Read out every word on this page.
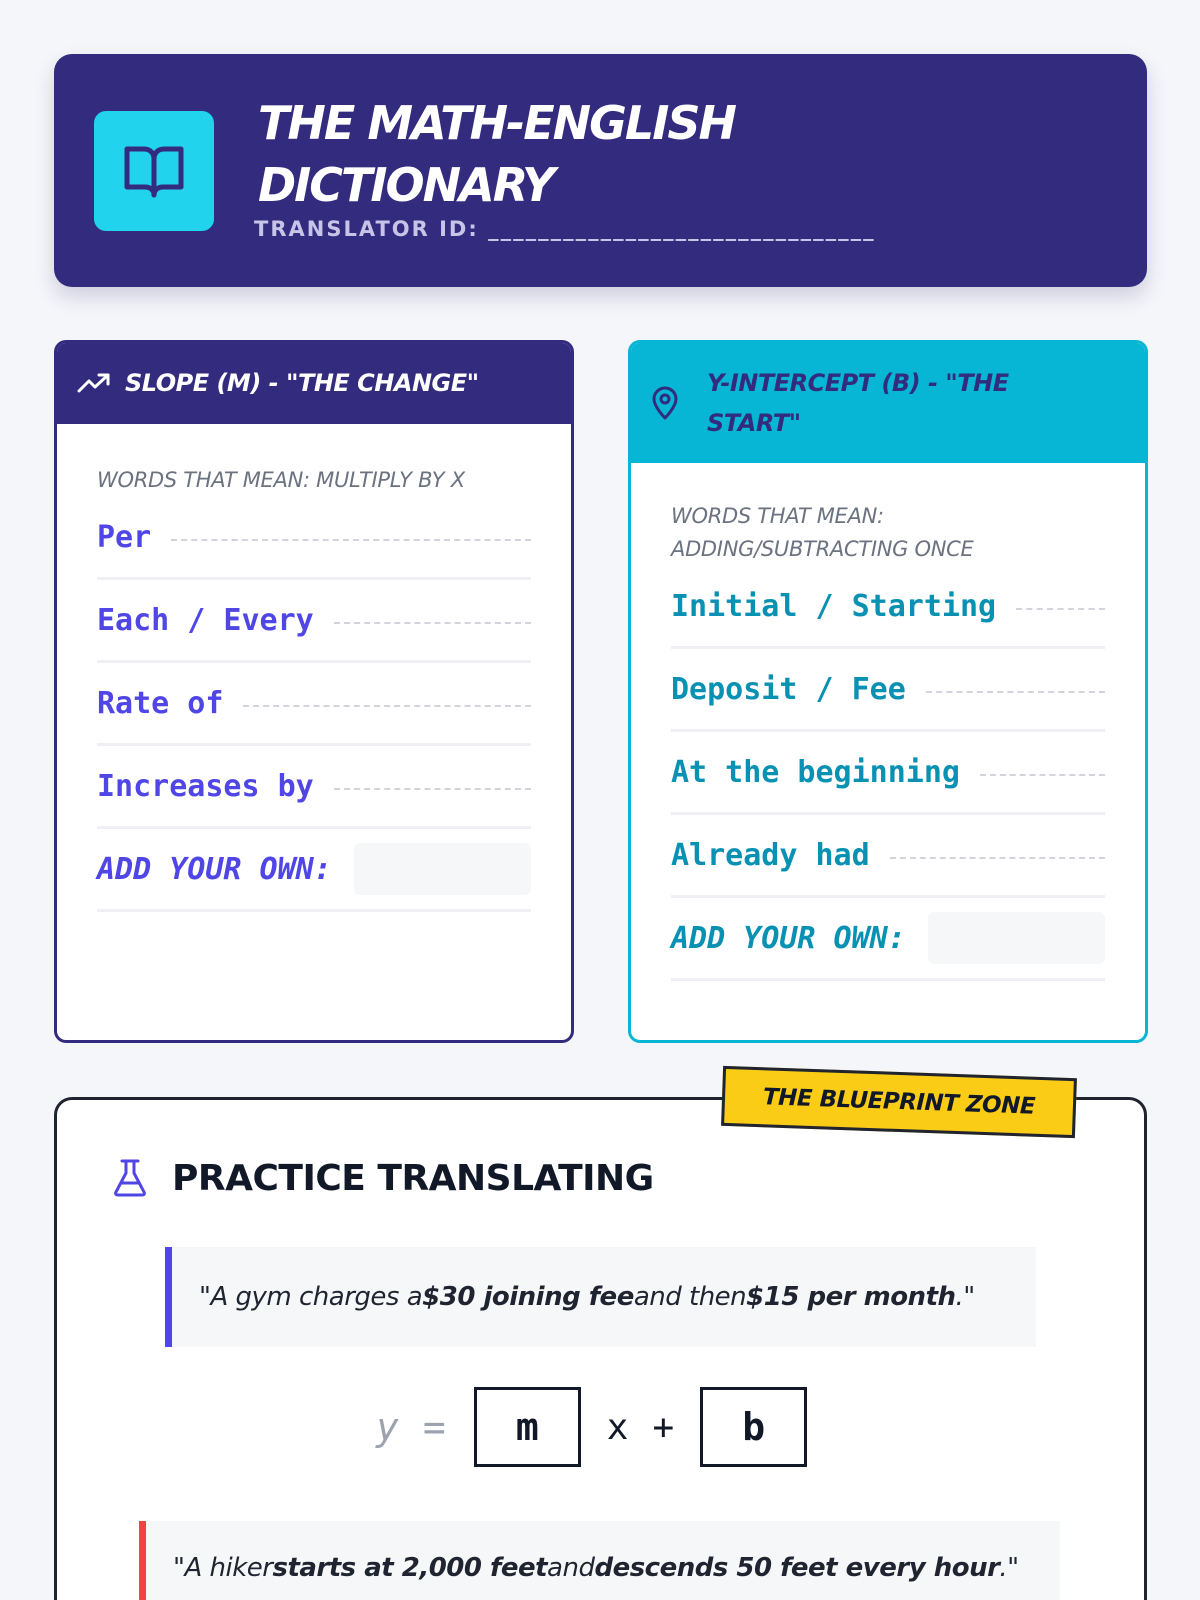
THE MATH-ENGLISH
DICTIONARY
TRANSLATOR ID: _______________________________
SLOPE (M) - "THE CHANGE"
WORDS THAT MEAN: MULTIPLY BY X
Per
Each / Every
Rate of
Increases by
ADD YOUR OWN:
Y-INTERCEPT (B) - "THE
START"
WORDS THAT MEAN:
ADDING/SUBTRACTING ONCE
Initial / Starting
Deposit / Fee
At the beginning
Already had
ADD YOUR OWN:
THE BLUEPRINT ZONE
PRACTICE TRANSLATING
"A gym charges a $30 joining fee and then $15 per month ."
y =	m	x +	b
"A hiker starts at 2,000 feet and descends 50 feet every hour ."
